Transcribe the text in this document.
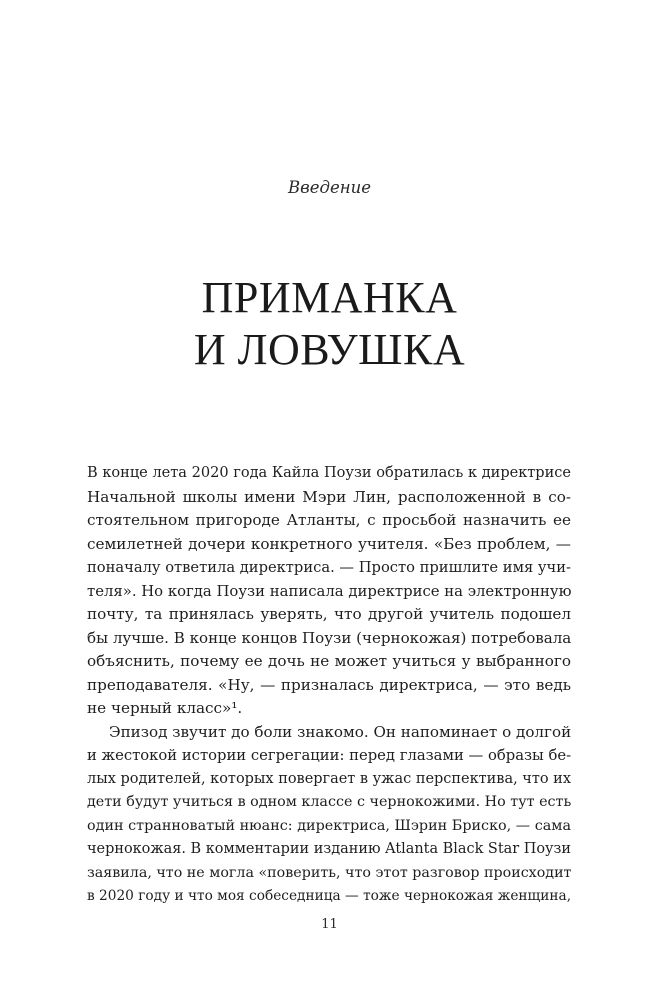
Введение
ПРИМАНКА
И ЛОВУШКА
В конце лета 2020 года Кайла Поузи обратилась к директрисе
Начальной школы имени Мэри Лин, расположенной в со-
стоятельном пригороде Атланты, с просьбой назначить ее
семилетней дочери конкретного учителя. «Без проблем, —
поначалу ответила директриса. — Просто пришлите имя учи-
теля». Но когда Поузи написала директрисе на электронную
почту, та принялась уверять, что другой учитель подошел
бы лучше. В конце концов Поузи (чернокожая) потребовала
объяснить, почему ее дочь не может учиться у выбранного
преподавателя. «Ну, — призналась директриса, — это ведь
не черный класс»¹.
Эпизод звучит до боли знакомо. Он напоминает о долгой
и жестокой истории сегрегации: перед глазами — образы бе-
лых родителей, которых повергает в ужас перспектива, что их
дети будут учиться в одном классе с чернокожими. Но тут есть
один странноватый нюанс: директриса, Шэрин Бриско, — сама
чернокожая. В комментарии изданию Atlanta Black Star Поузи
заявила, что не могла «поверить, что этот разговор происходит
в 2020 году и что моя собеседница — тоже чернокожая женщина,
11
